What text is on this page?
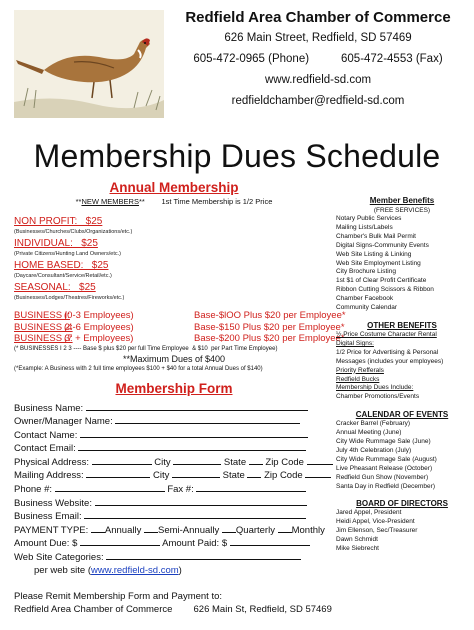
Redfield Area Chamber of Commerce
626 Main Street, Redfield, SD 57469
605-472-0965 (Phone)          605-472-4553 (Fax)
www.redfield-sd.com
redfieldchamber@redfield-sd.com
Membership Dues Schedule
Annual Membership
**NEW MEMBERS**        1st Time Membership is 1/2 Price
NON PROFIT:   $25
(Businesses/Churches/Clubs/Organizations/etc.)
INDIVIDUAL:   $25
(Private Citizens/Hunting Land Owners/etc.)
HOME BASED:   $25
(Daycare/Consultant/Service/Retail/etc.)
SEASONAL:   $25
(Businesses/Lodges/Theatres/Fireworks/etc.)
BUSINESS I:(0-3 Employees)	Base-$lOO Plus $20 per Employee*
BUSINESS 2:(4-6 Employees)	Base-$150 Plus $20 per Employee*
BUSINESS 3:(7 + Employees)	Base-$200 Plus $20 per Employee*
(* BUSINESSES I 2 3 ---- Base $ plus $20 per full Time Employee  & $10  per Part Time Employee)
**Maximum Dues of $400
(*Example: A Business with 2 full time employees $100 + $40 for a total Annual Dues of $140)
Membership Form
Business Name:
Owner/Manager Name:
Contact Name:
Contact Email:
Physical Address:	City	State Zip Code
Mailing Address:	City	State Zip Code
Phone #:	Fax #:
Business Website:
Business Email:
PAYMENT TYPE: Annually Semi-Annually Quarterly Monthly
Amount Due: $	Amount Paid: $
Web Site Categories:
per web site (www.redfield-sd.com)
Please Remit Membership Form and Payment to:
Redfield Area Chamber of Commerce        626 Main St, Redfield, SD 57469
Member Benefits
(FREE SERVICES)
Notary Public Services
Mailing Lists/Labels
Chamber's Bulk Mail Permit
Digital Signs-Community Events
Web Site Listing & Linking
Web Site Employment Listing
City Brochure Listing
1st $1 of Clear Profit Certificate
Ribbon Cutting Scissors & Ribbon
Chamber Facebook
Community Calendar
OTHER BENEFITS
½ Price Costume Character Rental
Digital Signs:
1/2 Price for Advertising & Personal
Messages (includes your employees)
Priority Refferals
Redfield Bucks
Membership Dues Include:
Chamber Promotions/Events
CALENDAR OF EVENTS
Cracker Barrel (February)
Annual Meeting (June)
City Wide Rummage Sale (June)
July 4th Celebration (July)
City Wide Rummage Sale (August)
Live Pheasant Release (October)
Redfield Gun Show (November)
Santa Day in Redfield (December)
BOARD OF DIRECTORS
Jared Appel, President
Heidi Appel, Vice-President
Jim Ellenson, Sec/Treasurer
Dawn Schmidt
Mike Siebrecht
